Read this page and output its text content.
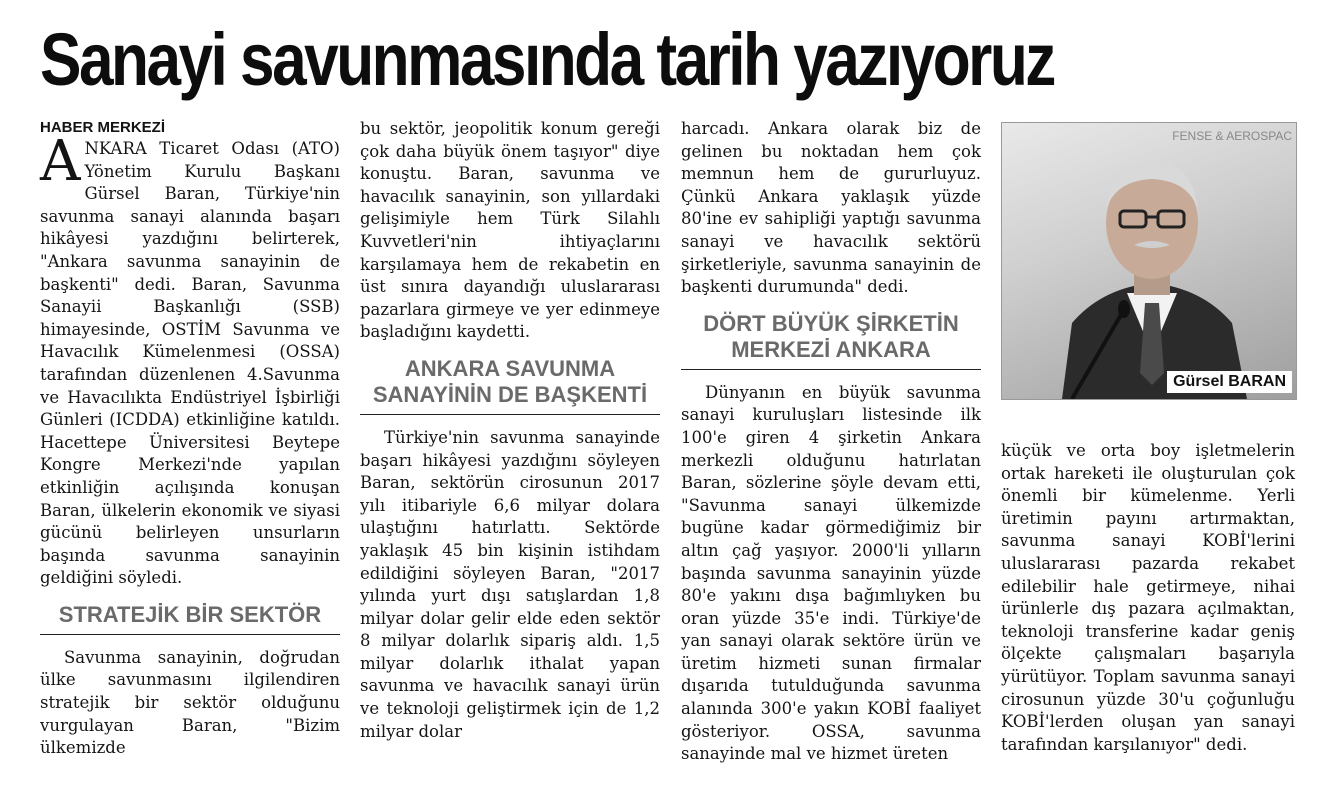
Sanayi savunmasında tarih yazıyoruz

HABER MERKEZİ

A NKARA Ticaret Odası (ATO) Yönetim Kurulu Başkanı Gürsel Baran, Türkiye'nin savunma sanayi alanında başarı hikâyesi yazdığını belirterek, "Ankara savunma sanayinin de başkenti" dedi. Baran, Savunma Sanayii Başkanlığı (SSB) himayesinde, OSTİM Savunma ve Havacılık Kümelenmesi (OSSA) tarafından düzenlenen 4.Savunma ve Havacılıkta Endüstriyel İşbirliği Günleri (ICDDA) etkinliğine katıldı. Hacettepe Üniversitesi Beytepe Kongre Merkezi'nde yapılan etkinliğin açılışında konuşan Baran, ülkelerin ekonomik ve siyasi gücünü belirleyen unsurların başında savunma sanayinin geldiğini söyledi.

STRATEJİK BİR SEKTÖR

Savunma sanayinin, doğrudan ülke savunmasını ilgilendiren stratejik bir sektör olduğunu vurgulayan Baran, "Bizim ülkemizde

bu sektör, jeopolitik konum gereği çok daha büyük önem taşıyor" diye konuştu. Baran, savunma ve havacılık sanayinin, son yıllardaki gelişimiyle hem Türk Silahlı Kuvvetleri'nin ihtiyaçlarını karşılamaya hem de rekabetin en üst sınıra dayandığı uluslararası pazarlara girmeye ve yer edinmeye başladığını kaydetti.

ANKARA SAVUNMA SANAYİNİN DE BAŞKENTİ

Türkiye'nin savunma sanayinde başarı hikâyesi yazdığını söyleyen Baran, sektörün cirosunun 2017 yılı itibariyle 6,6 milyar dolara ulaştığını hatırlattı. Sektörde yaklaşık 45 bin kişinin istihdam edildiğini söyleyen Baran, "2017 yılında yurt dışı satışlardan 1,8 milyar dolar gelir elde eden sektör 8 milyar dolarlık sipariş aldı. 1,5 milyar dolarlık ithalat yapan savunma ve havacılık sanayi ürün ve teknoloji geliştirmek için de 1,2 milyar dolar

harcadı. Ankara olarak biz de gelinen bu noktadan hem çok memnun hem de gururluyuz. Çünkü Ankara yaklaşık yüzde 80'ine ev sahipliği yaptığı savunma sanayi ve havacılık sektörü şirketleriyle, savunma sanayinin de başkenti durumunda" dedi.

DÖRT BÜYÜK ŞİRKETİN MERKEZİ ANKARA

Dünyanın en büyük savunma sanayi kuruluşları listesinde ilk 100'e giren 4 şirketin Ankara merkezli olduğunu hatırlatan Baran, sözlerine şöyle devam etti, "Savunma sanayi ülkemizde bugüne kadar görmediğimiz bir altın çağ yaşıyor. 2000'li yılların başında savunma sanayinin yüzde 80'e yakını dışa bağımlıyken bu oran yüzde 35'e indi. Türkiye'de yan sanayi olarak sektöre ürün ve üretim hizmeti sunan firmalar dışarıda tutulduğunda savunma alanında 300'e yakın KOBİ faaliyet gösteriyor. OSSA, savunma sanayinde mal ve hizmet üreten

FENSE & AEROSPAC
Gürsel BARAN

küçük ve orta boy işletmelerin ortak hareketi ile oluşturulan çok önemli bir kümelenme. Yerli üretimin payını artırmaktan, savunma sanayi KOBİ'lerini uluslararası pazarda rekabet edilebilir hale getirmeye, nihai ürünlerle dış pazara açılmaktan, teknoloji transferine kadar geniş ölçekte çalışmaları başarıyla yürütüyor. Toplam savunma sanayi cirosunun yüzde 30'u çoğunluğu KOBİ'lerden oluşan yan sanayi tarafından karşılanıyor" dedi.
